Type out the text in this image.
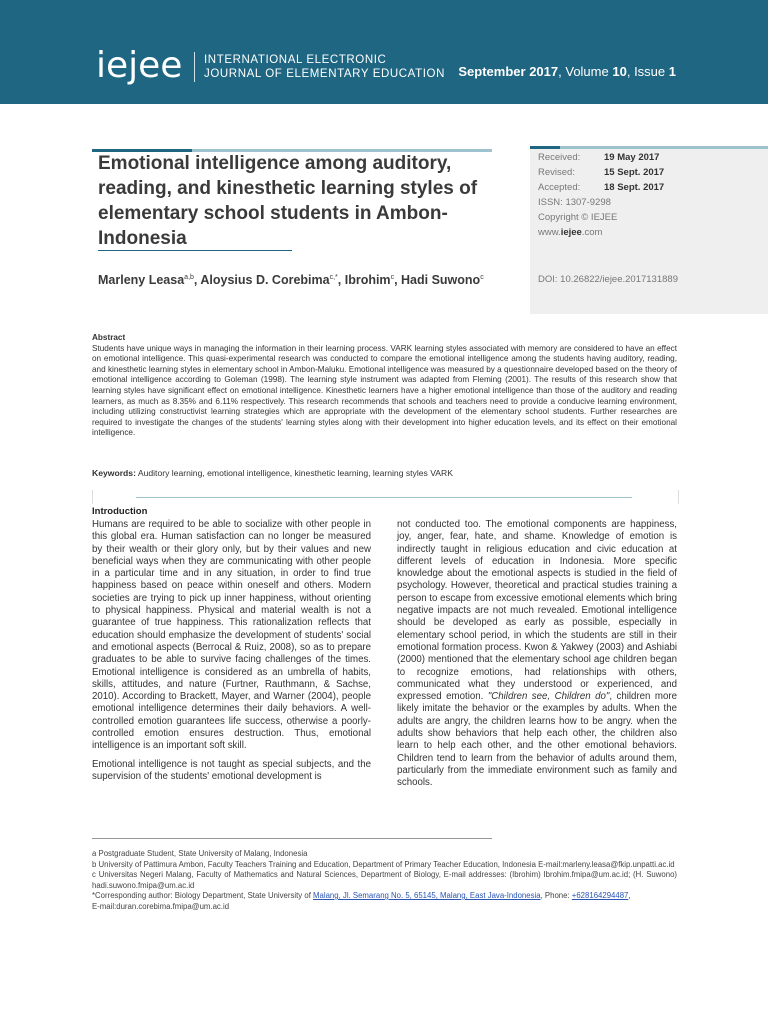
iejee INTERNATIONAL ELECTRONIC
JOURNAL OF ELEMENTARY EDUCATION September 2017, Volume 10, Issue 1
Emotional intelligence among auditory, reading, and kinesthetic learning styles of elementary school students in Ambon-Indonesia
Marleny Leasa$^{a,b}$, Aloysius D. Corebima$^{c,*}$, Ibrohim$^c$, Hadi Suwono$^c$
Received:	19 May 2017
Revised:	15 Sept. 2017
Accepted:	18 Sept. 2017
ISSN: 1307-9298
Copyright © IEJEE
www.iejee.com
DOI: 10.26822/iejee.2017131889
Abstract
Students have unique ways in managing the information in their learning process. VARK learning styles associated with memory are considered to have an effect on emotional intelligence. This quasi-experimental research was conducted to compare the emotional intelligence among the students having auditory, reading, and kinesthetic learning styles in elementary school in Ambon-Maluku. Emotional intelligence was measured by a questionnaire developed based on the theory of emotional intelligence according to Goleman (1998). The learning style instrument was adapted from Fleming (2001). The results of this research show that learning styles have significant effect on emotional intelligence. Kinesthetic learners have a higher emotional intelligence than those of the auditory and reading learners, as much as 8.35% and 6.11% respectively. This research recommends that schools and teachers need to provide a conducive learning environment, including utilizing constructivist learning strategies which are appropriate with the development of the elementary school students. Further researches are required to investigate the changes of the students' learning styles along with their development into higher education levels, and its effect on their emotional intelligence.
Keywords: Auditory learning, emotional intelligence, kinesthetic learning, learning styles VARK
Introduction

Humans are required to be able to socialize with other people in this global era. Human satisfaction can no longer be measured by their wealth or their glory only, but by their values and new beneficial ways when they are communicating with other people in a particular time and in any situation, in order to find true happiness based on peace within oneself and others. Modern societies are trying to pick up inner happiness, without orienting to physical happiness. Physical and material wealth is not a guarantee of true happiness. This rationalization reflects that education should emphasize the development of students' social and emotional aspects (Berrocal & Ruiz, 2008), so as to prepare graduates to be able to survive facing challenges of the times. Emotional intelligence is considered as an umbrella of habits, skills, attitudes, and nature (Furtner, Rauthmann, & Sachse, 2010). According to Brackett, Mayer, and Warner (2004), people emotional intelligence determines their daily behaviors. A well-controlled emotion guarantees life success, otherwise a poorly-controlled emotion ensures destruction. Thus, emotional intelligence is an important soft skill.

Emotional intelligence is not taught as special subjects, and the supervision of the students' emotional development is

not conducted too. The emotional components are happiness, joy, anger, fear, hate, and shame. Knowledge of emotion is indirectly taught in religious education and civic education at different levels of education in Indonesia. More specific knowledge about the emotional aspects is studied in the field of psychology. However, theoretical and practical studies training a person to escape from excessive emotional elements which bring negative impacts are not much revealed. Emotional intelligence should be developed as early as possible, especially in elementary school period, in which the students are still in their emotional formation process. Kwon & Yakwey (2003) and Ashiabi (2000) mentioned that the elementary school age children began to recognize emotions, had relationships with others, communicated what they understood or experienced, and expressed emotion. "Children see, Children do", children more likely imitate the behavior or the examples by adults. When the adults are angry, the children learns how to be angry. when the adults show behaviors that help each other, the children also learn to help each other, and the other emotional behaviors. Children tend to learn from the behavior of adults around them, particularly from the immediate environment such as family and schools.

a Postgraduate Student, State University of Malang, Indonesia
b University of Pattimura Ambon, Faculty Teachers Training and Education, Department of Primary Teacher Education, Indonesia E-mail:marleny.leasa@fkip.unpatti.ac.id
c Universitas Negeri Malang, Faculty of Mathematics and Natural Sciences, Department of Biology, E-mail addresses: (Ibrohim) Ibrohim.fmipa@um.ac.id; (H. Suwono) hadi.suwono.fmipa@um.ac.id
*Corresponding author: Biology Department, State University of Malang, Jl. Semarang No. 5, 65145, Malang, East Java-Indonesia, Phone: +628164294487,
E-mail:duran.corebima.fmipa@um.ac.id
